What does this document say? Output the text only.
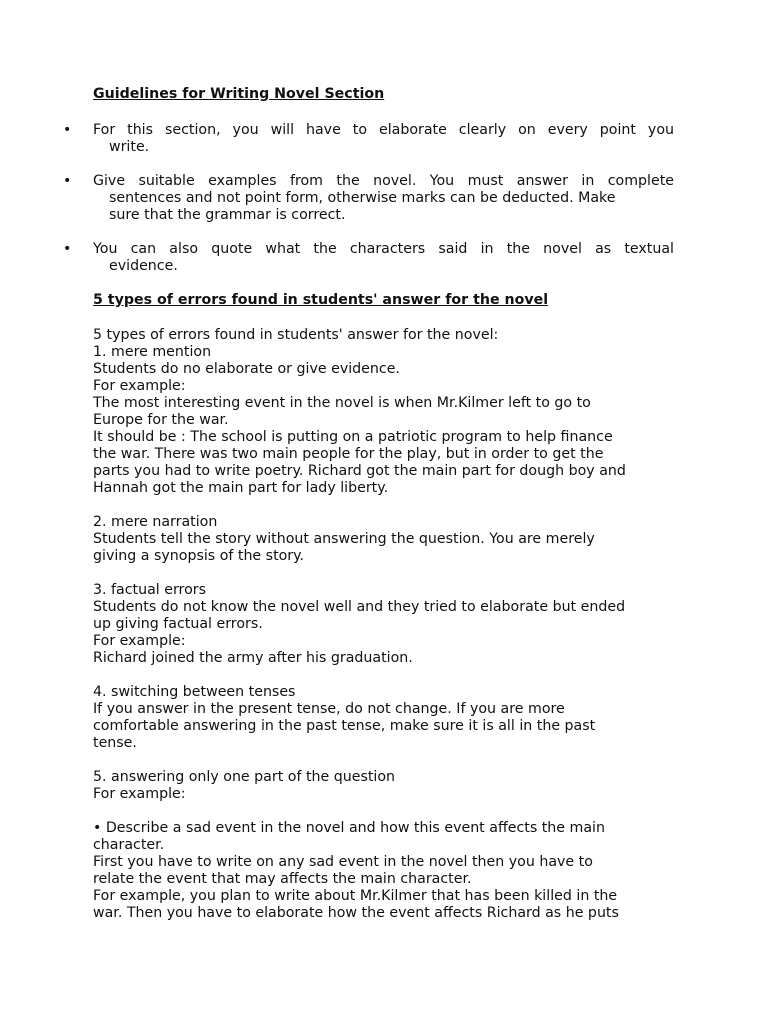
Guidelines for Writing Novel Section

• For this section, you will have to elaborate clearly on every point you
write.
• Give suitable examples from the novel. You must answer in complete
sentences and not point form, otherwise marks can be deducted. Make
sure that the grammar is correct.
• You can also quote what the characters said in the novel as textual
evidence.

5 types of errors found in students' answer for the novel

5 types of errors found in students' answer for the novel:
1. mere mention
Students do no elaborate or give evidence.
For example:
The most interesting event in the novel is when Mr.Kilmer left to go to
Europe for the war.
It should be : The school is putting on a patriotic program to help finance
the war. There was two main people for the play, but in order to get the
parts you had to write poetry. Richard got the main part for dough boy and
Hannah got the main part for lady liberty.
2. mere narration
Students tell the story without answering the question. You are merely
giving a synopsis of the story.
3. factual errors
Students do not know the novel well and they tried to elaborate but ended
up giving factual errors.
For example:
Richard joined the army after his graduation.
4. switching between tenses
If you answer in the present tense, do not change. If you are more
comfortable answering in the past tense, make sure it is all in the past
tense.
5. answering only one part of the question
For example:
• Describe a sad event in the novel and how this event affects the main
character.
First you have to write on any sad event in the novel then you have to
relate the event that may affects the main character.
For example, you plan to write about Mr.Kilmer that has been killed in the
war. Then you have to elaborate how the event affects Richard as he puts
